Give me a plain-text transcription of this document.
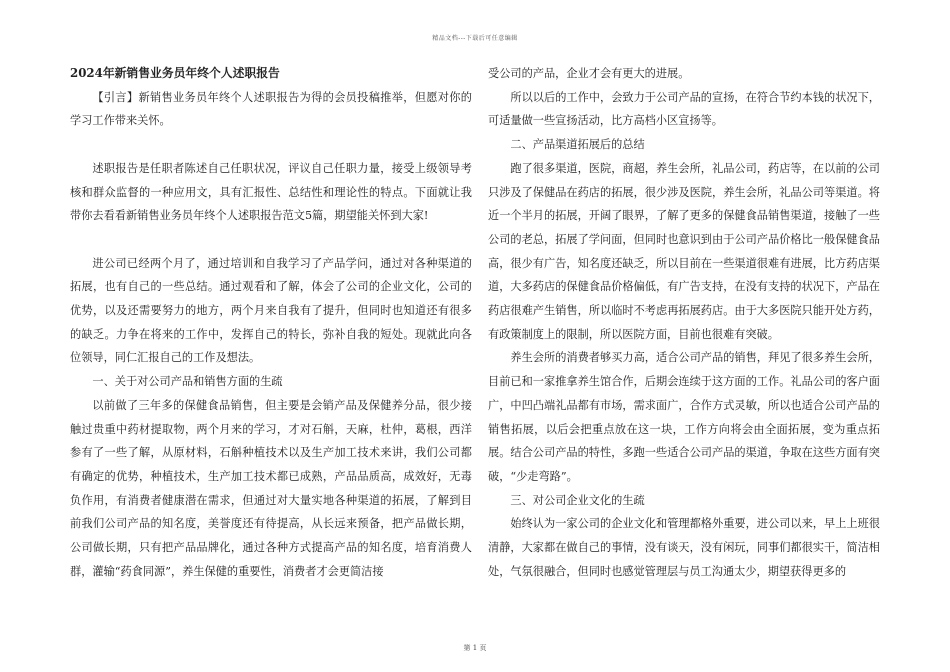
精品文档---下载后可任意编辑

2024年新销售业务员年终个人述职报告

【引言】新销售业务员年终个人述职报告为得的会员投稿推举，但愿对你的学习工作带来关怀。

述职报告是任职者陈述自己任职状况，评议自己任职力量，接受上级领导考核和群众监督的一种应用文，具有汇报性、总结性和理论性的特点。下面就让我带你去看看新销售业务员年终个人述职报告范文5篇，期望能关怀到大家!

进公司已经两个月了，通过培训和自我学习了产品学问，通过对各种渠道的拓展，也有自己的一些总结。通过观看和了解，体会了公司的企业文化，公司的优势，以及还需要努力的地方，两个月来自我有了提升，但同时也知道还有很多的缺乏。力争在将来的工作中，发挥自己的特长，弥补自我的短处。现就此向各位领导，同仁汇报自己的工作及想法。

一、关于对公司产品和销售方面的生疏

以前做了三年多的保健食品销售，但主要是会销产品及保健养分品，很少接触过贵重中药材提取物，两个月来的学习，才对石斛，天麻，杜仲，葛根，西洋参有了一些了解，从原材料，石斛种植技术以及生产加工技术来讲，我们公司都有确定的优势，种植技术，生产加工技术都已成熟，产品品质高，成效好，无毒负作用，有消费者健康潜在需求，但通过对大量实地各种渠道的拓展，了解到目前我们公司产品的知名度，美誉度还有待提高，从长远来预备，把产品做长期，公司做长期，只有把产品品牌化，通过各种方式提高产品的知名度，培育消费人群，灌输“药食同源”，养生保健的重要性，消费者才会更简洁接

受公司的产品，企业才会有更大的进展。

所以以后的工作中，会致力于公司产品的宣扬，在符合节约本钱的状况下，可适量做一些宣扬活动，比方高档小区宣扬等。

二、产品渠道拓展后的总结

跑了很多渠道，医院，商超，养生会所，礼品公司，药店等，在以前的公司只涉及了保健品在药店的拓展，很少涉及医院，养生会所，礼品公司等渠道。将近一个半月的拓展，开阔了眼界，了解了更多的保健食品销售渠道，接触了一些公司的老总，拓展了学问面，但同时也意识到由于公司产品价格比一般保健食品高，很少有广告，知名度还缺乏，所以目前在一些渠道很难有进展，比方药店渠道，大多药店的保健食品价格偏低，有广告支持，在没有支持的状况下，产品在药店很难产生销售，所以临时不考虑再拓展药店。由于大多医院只能开处方药，有政策制度上的限制，所以医院方面，目前也很难有突破。

养生会所的消费者够买力高，适合公司产品的销售，拜见了很多养生会所，目前已和一家推拿养生馆合作，后期会连续于这方面的工作。礼品公司的客户面广，中凹凸端礼品都有市场，需求面广，合作方式灵敏，所以也适合公司产品的销售拓展，以后会把重点放在这一块，工作方向将会由全面拓展，变为重点拓展。结合公司产品的特性，多跑一些适合公司产品的渠道，争取在这些方面有突破，“少走弯路”。

三、对公司企业文化的生疏

始终认为一家公司的企业文化和管理都格外重要，进公司以来，早上上班很清静，大家都在做自己的事情，没有谈天，没有闲玩，同事们都很实干，简洁相处，气氛很融合，但同时也感觉管理层与员工沟通太少，期望获得更多的

第 1 页
